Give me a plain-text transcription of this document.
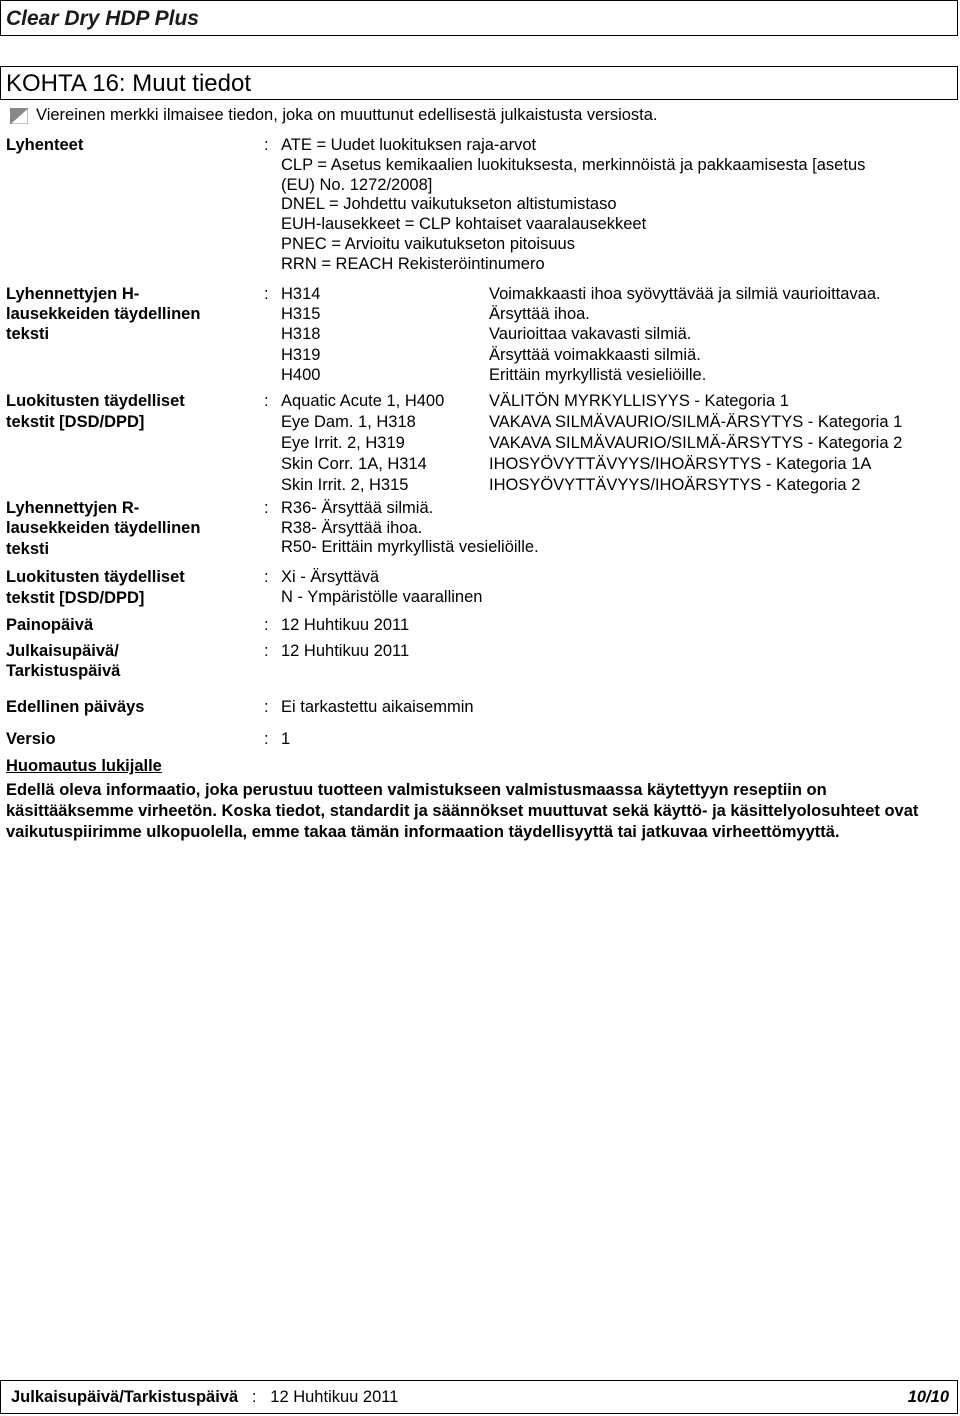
Clear Dry HDP Plus
KOHTA 16: Muut tiedot
Viereinen merkki ilmaisee tiedon, joka on muuttunut edellisestä julkaistusta versiosta.
Lyhenteet	: ATE = Uudet luokituksen raja-arvot
CLP = Asetus kemikaalien luokituksesta, merkinnöistä ja pakkaamisesta [asetus
(EU) No. 1272/2008]
DNEL = Johdettu vaikutukseton altistumistaso
EUH-lausekkeet = CLP kohtaiset vaaralausekkeet
PNEC = Arvioitu vaikutukseton pitoisuus
RRN = REACH Rekisteröintinumero
Lyhennettyjen H-
lausekkeiden täydellinen
teksti
: H314	Voimakkaasti ihoa syövyttävää ja silmiä vaurioittavaa.
H315	Ärsyttää ihoa.
H318	Vaurioittaa vakavasti silmiä.
H319	Ärsyttää voimakkaasti silmiä.
H400	Erittäin myrkyllistä vesieliöille.
Luokitusten täydelliset
tekstit [DSD/DPD]
: Aquatic Acute 1, H400	VÄLITÖN MYRKYLLISYYS - Kategoria 1
Eye Dam. 1, H318	VAKAVA SILMÄVAURIO/SILMÄ-ÄRSYTYS - Kategoria 1
Eye Irrit. 2, H319	VAKAVA SILMÄVAURIO/SILMÄ-ÄRSYTYS - Kategoria 2
Skin Corr. 1A, H314	IHOSYÖVYTTÄVYYS/IHOÄRSYTYS - Kategoria 1A
Skin Irrit. 2, H315	IHOSYÖVYTTÄVYYS/IHOÄRSYTYS - Kategoria 2
Lyhennettyjen R-
lausekkeiden täydellinen
teksti
: R36- Ärsyttää silmiä.
R38- Ärsyttää ihoa.
R50- Erittäin myrkyllistä vesieliöille.
Luokitusten täydelliset
tekstit [DSD/DPD]
: Xi - Ärsyttävä
N - Ympäristölle vaarallinen
Painopäivä	: 12 Huhtikuu 2011
Julkaisupäivä/
Tarkistuspäivä
: 12 Huhtikuu 2011
Edellinen päiväys	: Ei tarkastettu aikaisemmin
Versio	: 1
Huomautus lukijalle
Edellä oleva informaatio, joka perustuu tuotteen valmistukseen valmistusmaassa käytettyyn reseptiin on käsittääksemme virheetön. Koska tiedot, standardit ja säännökset muuttuvat sekä käyttö- ja käsittelyolosuhteet ovat vaikutuspiirimme ulkopuolella, emme takaa tämän informaation täydellisyyttä tai jatkuvaa virheettömyyttä.
Julkaisupäivä/Tarkistuspäivä : 12 Huhtikuu 2011	10/10
